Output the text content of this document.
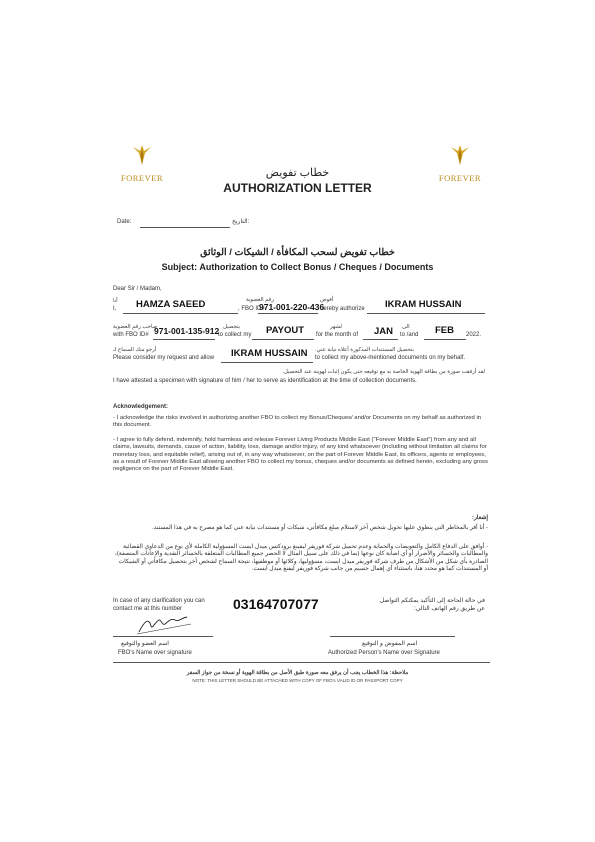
FOREVER	FOREVER
خطاب تفويض
AUTHORIZATION LETTER
Date:	التاريخ:
خطاب تفويض لسحب المكافأة / الشيكات / الوثائق
Subject: Authorization to Collect Bonus / Cheques / Documents
Dear Sir / Madam,
أنا
I, HAMZA SAEED	رقم العضوية
, FBO ID#
971-001-220-436
أفوض
hereby authorize IKRAM HUSSAIN
صاحب رقم العضوية
with FBO ID# 971-001-135-912 بتحصيل
to collect my PAYOUT	لشهر
for the month of JAN الى
to /and FEB 2022.
أرجو منك السماح لـ
Please consider my request and allow IKRAM HUSSAIN بتحصيل المستندات المذكورة أعلاه نيابة عني.
to collect my above-mentioned documents on my behalf.
لقد أرفقت صورة من بطاقة الهوية الخاصة به مع توقيعه حتى يكون إثبات لهويته عند التحصيل.
I have attested a specimen with signature of him / her to serve as identification at the time of collection documents.
Acknowledgement:
- I acknowledge the risks involved in authorizing another FBO to collect my Bonus/Cheques/ and/or Documents on my behalf as authorized in this document.
- I agree to fully defend, indemnify, hold harmless and release Forever Living Products Middle East ("Forever Middle East") from any and all claims, lawsuits, demands, cause of action, liability, loss, damage and/or injury, of any kind whatsoever (including without limitation all claims for monetary loss, and equitable relief), arising out of, in any way whatsoever, on the part of Forever Middle East, its officers, agents or employees, as a result of Forever Middle East allowing another FBO to collect my bonus, cheques and/or documents as defined herein, excluding any gross negligence on the part of Forever Middle East.
إشعار:
- أنا أقر بالمخاطر التي ينطوي عليها تخويل شخص آخر لاستلام مبلغ مكافأتي، شيكات أو مستندات نيابة عني كما هو مصرح به في هذا المستند.
- أوافق على الدفاع الكامل والتعويضات والحماية وعدم تحميل شركة فوريفر ليفينغ برودكتس ميدل ايست المسؤولية الكاملة لأي نوع من الدعاوي القضائية والمطالبات والخسائر والأضرار أو أي اصابة كان نوعها (بما في ذلك على سبيل المثال لا الحصر جميع المطالبات المتعلقة بالخسائر النقدية والإعانات المتصفة)، الصادرة بأي شكل من الأشكال من طرف شركة فوريفر ميدل ايست، مسؤوليها، وكلائها أو موظفيها، نتيجة السماح لشخص آخر بتحصيل مكافأتي أو الشيكات أو المستندات كما هو محدد هنا، باستثناء أي إهمال جسيم من جانب شركة فوريفر ليفنغ ميدل ايست.
In case of any clarification you can
contact me at this number	03164707077	في حالة الحاجة إلى التأكيد يمكنكم التواصل
عن طريق رقم الهاتف التالي:
اسم العضو والتوقيع
FBO's Name over signature
اسم المفوض و التوقيع
Authorized Person's Name over Signature
ملاحظة: هذا الخطاب يجب أن يرفق معه صورة طبق الأصل من بطاقة الهوية أو نسخة من جواز السفر
NOTE: THIS LETTER SHOULD BE ATTACHED WITH COPY OF FBO's VALID ID OR PASSPORT COPY
